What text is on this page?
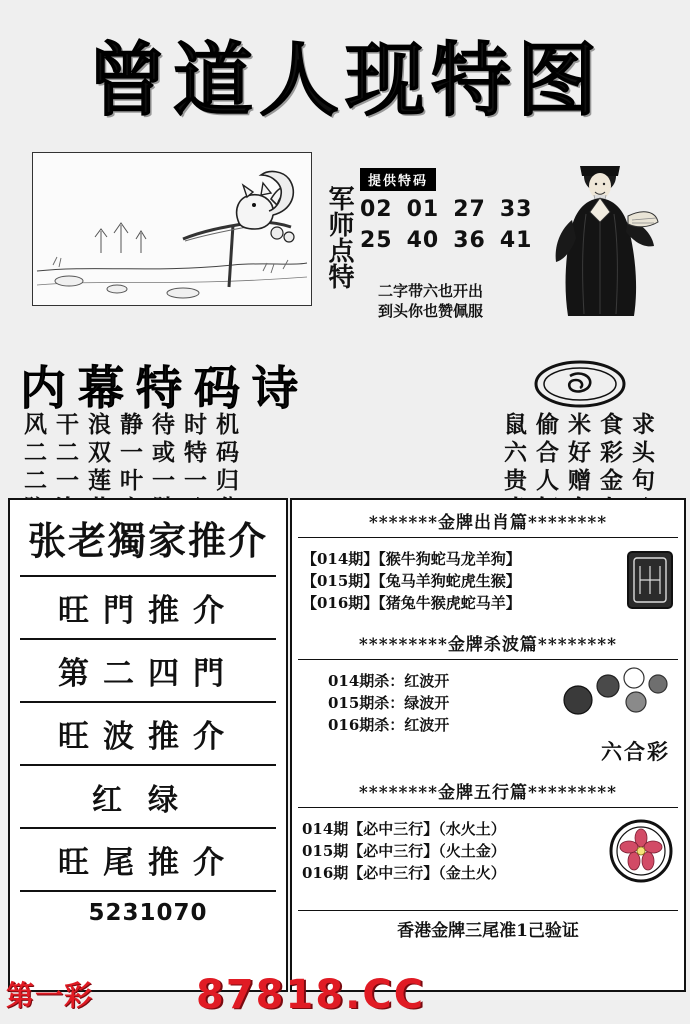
曾道人现特图
军师点特
提供特码
02 01 27 33
25 40 36 41
二字带六也开出
到头你也赞佩服
内幕特码诗
风干浪静待时机	鼠偷米食求
二二双一或特码	六合好彩头
二一莲叶一一归	贵人赠金句
张老獨家推介
旺門推介
第二四門
旺波推介
红绿
旺尾推介
5231070
*******金牌出肖篇********
【014期】【猴牛狗蛇马龙羊狗】
【015期】【兔马羊狗蛇虎生猴】
【016期】【猪兔牛猴虎蛇马羊】
*********金牌杀波篇********
014期杀：红波开
015期杀：绿波开
016期杀：红波开
六合彩
********金牌五行篇*********
014期【必中三行】（水火土）
015期【必中三行】（火土金）
016期【必中三行】（金土火）
香港金牌三尾准1己验证
第一彩	87818.CC
